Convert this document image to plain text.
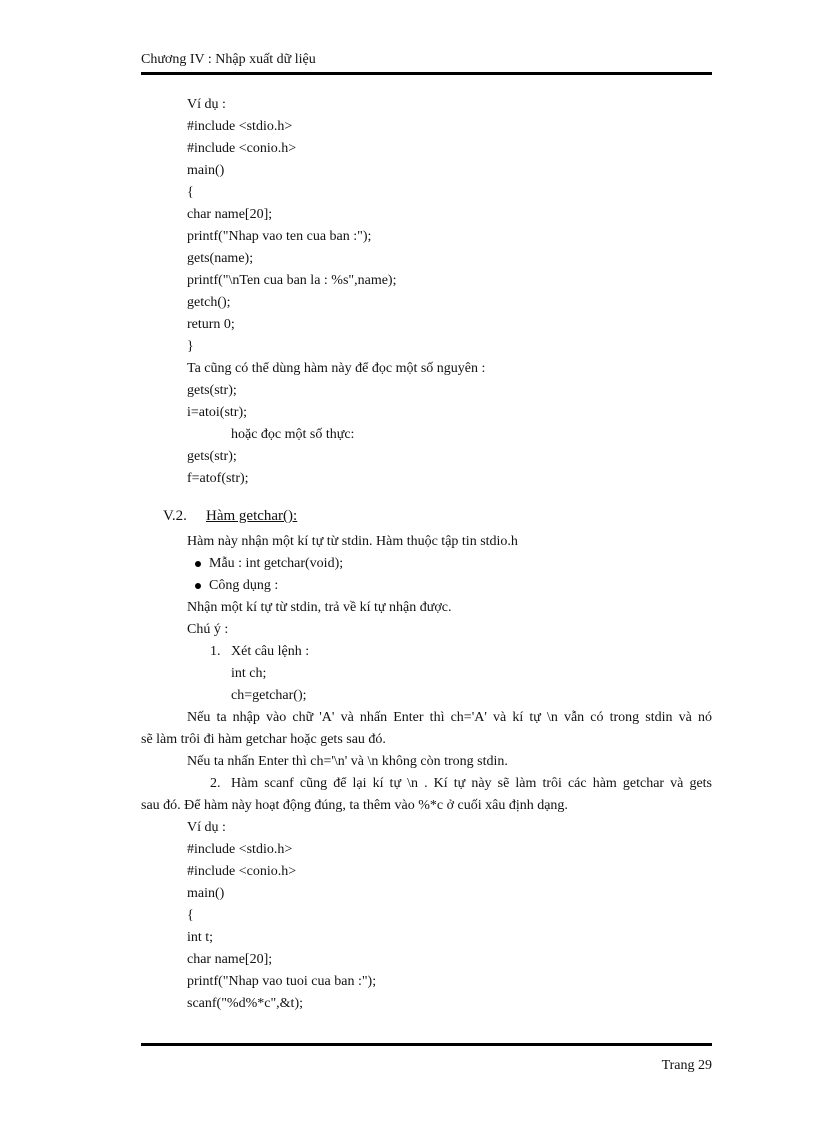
Chương IV : Nhập xuất dữ liệu
Ví dụ :
#include <stdio.h>
#include <conio.h>
main()
{
char name[20];
printf("Nhap vao ten cua ban :");
gets(name);
printf("\nTen cua ban la : %s",name);
getch();
return 0;
}
Ta cũng có thể dùng hàm này để đọc một số nguyên :
gets(str);
i=atoi(str);
hoặc đọc một số thực:
gets(str);
f=atof(str);
V.2. Hàm getchar():
Hàm này nhận một kí tự từ stdin. Hàm thuộc tập tin stdio.h
Mẫu : int getchar(void);
Công dụng :
Nhận một kí tự từ stdin, trả về kí tự nhận được.
Chú ý :
1. Xét câu lệnh :
int ch;
ch=getchar();
Nếu ta nhập vào chữ 'A' và nhấn Enter thì ch='A' và kí tự \n vẫn có trong stdin và nó
sẽ làm trôi đi hàm getchar hoặc gets sau đó.
Nếu ta nhấn Enter thì ch='\n' và \n không còn trong stdin.
2. Hàm scanf cũng để lại kí tự \n . Kí tự này sẽ làm trôi các hàm getchar và gets
sau đó. Để hàm này hoạt động đúng, ta thêm vào %*c ở cuối xâu định dạng.
Ví dụ :
#include <stdio.h>
#include <conio.h>
main()
{
int t;
char name[20];
printf("Nhap vao tuoi cua ban :");
scanf("%d%*c",&t);
Trang 29
